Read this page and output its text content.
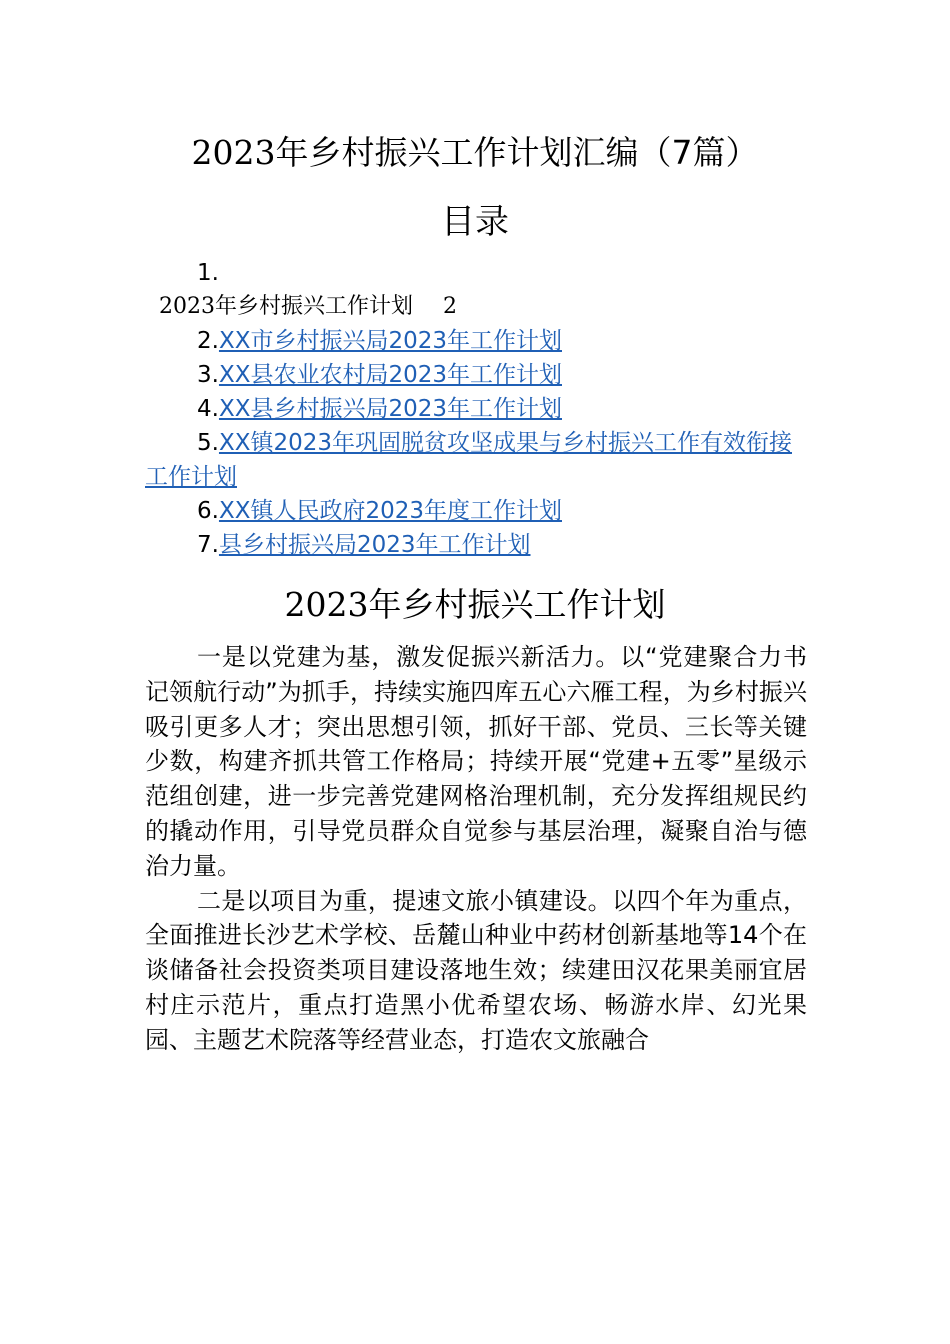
2023年乡村振兴工作计划汇编（7篇）
目录
1.
2023年乡村振兴工作计划 2
2.XX市乡村振兴局2023年工作计划
3.XX县农业农村局2023年工作计划
4.XX县乡村振兴局2023年工作计划
5.XX镇2023年巩固脱贫攻坚成果与乡村振兴工作有效衔接工作计划
6.XX镇人民政府2023年度工作计划
7.县乡村振兴局2023年工作计划
2023年乡村振兴工作计划

一是以党建为基，激发促振兴新活力。以“党建聚合力书记领航行动”为抓手，持续实施四库五心六雁工程，为乡村振兴吸引更多人才；突出思想引领，抓好干部、党员、三长等关键少数，构建齐抓共管工作格局；持续开展“党建+五零”星级示范组创建，进一步完善党建网格治理机制，充分发挥组规民约的撬动作用，引导党员群众自觉参与基层治理，凝聚自治与德治力量。

二是以项目为重，提速文旅小镇建设。以四个年为重点，全面推进长沙艺术学校、岳麓山种业中药材创新基地等14个在谈储备社会投资类项目建设落地生效；续建田汉花果美丽宜居村庄示范片，重点打造黑小优希望农场、畅游水岸、幻光果园、主题艺术院落等经营业态，打造农文旅融合
